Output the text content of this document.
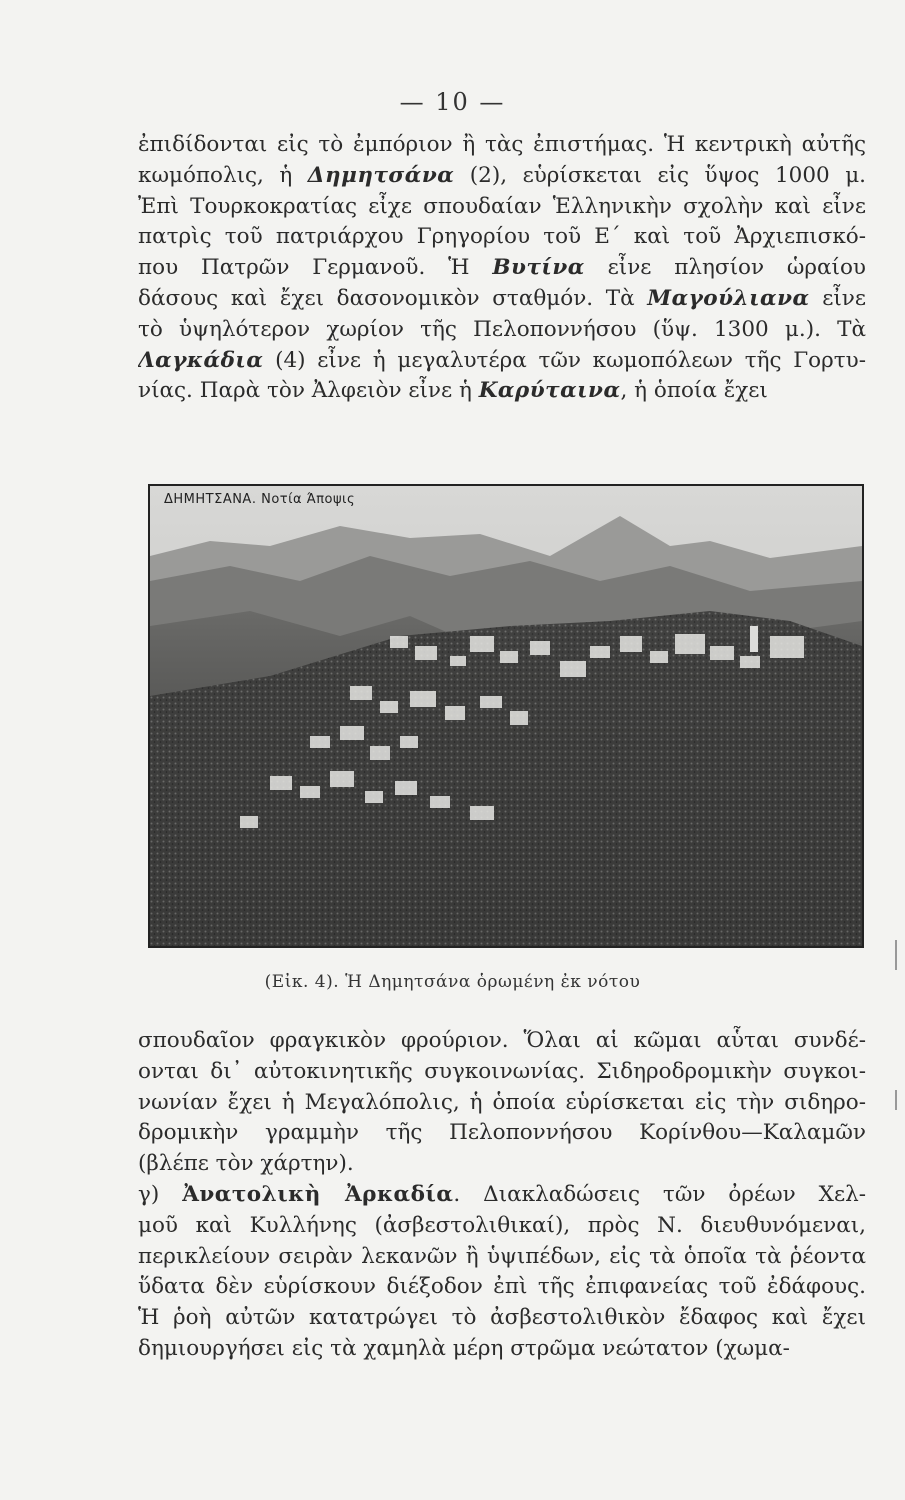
— 10 —
ἐπιδίδονται εἰς τὸ ἐμπόριον ἢ τὰς ἐπιστήμας. Ἡ κεντρικὴ αὐτῆς
κωμόπολις, ἡ Δημητσάνα (2), εὑρίσκεται εἰς ὕψος 1000 μ.
Ἐπὶ Τουρκοκρατίας εἶχε σπουδαίαν Ἑλληνικὴν σχολὴν καὶ εἶνε
πατρὶς τοῦ πατριάρχου Γρηγορίου τοῦ Ε΄ καὶ τοῦ Ἀρχιεπισκό-
που Πατρῶν Γερμανοῦ. Ἡ Βυτίνα εἶνε πλησίον ὡραίου
δάσους καὶ ἔχει δασονομικὸν σταθμόν. Τὰ Μαγούλιανα εἶνε
τὸ ὑψηλότερον χωρίον τῆς Πελοποννήσου (ὕψ. 1300 μ.). Τὰ
Λαγκάδια (4) εἶνε ἡ μεγαλυτέρα τῶν κωμοπόλεων τῆς Γορτυ-
νίας. Παρὰ τὸν Ἀλφειὸν εἶνε ἡ Καρύταινα, ἡ ὁποία ἔχει
ΔΗΜΗΤΣΑΝΑ. Νοτία Άποψις
(Εἰκ. 4). Ἡ Δημητσάνα ὁρωμένη ἐκ νότου
σπουδαῖον φραγκικὸν φρούριον. Ὅλαι αἱ κῶμαι αὗται συνδέ-
ονται δι᾽ αὐτοκινητικῆς συγκοινωνίας. Σιδηροδρομικὴν συγκοι-
νωνίαν ἔχει ἡ Μεγαλόπολις, ἡ ὁποία εὑρίσκεται εἰς τὴν σιδηρο-
δρομικὴν γραμμὴν τῆς Πελοποννήσου Κορίνθου—Καλαμῶν
(βλέπε τὸν χάρτην).
γ) Ἀνατολικὴ Ἀρκαδία. Διακλαδώσεις τῶν ὀρέων Χελ-
μοῦ καὶ Κυλλήνης (ἀσβεστολιθικαί), πρὸς Ν. διευθυνόμεναι,
περικλείουν σειρὰν λεκανῶν ἢ ὑψιπέδων, εἰς τὰ ὁποῖα τὰ ῥέοντα
ὕδατα δὲν εὑρίσκουν διέξοδον ἐπὶ τῆς ἐπιφανείας τοῦ ἐδάφους.
Ἡ ῥοὴ αὐτῶν κατατρώγει τὸ ἀσβεστολιθικὸν ἔδαφος καὶ ἔχει
δημιουργήσει εἰς τὰ χαμηλὰ μέρη στρῶμα νεώτατον (χωμα-
